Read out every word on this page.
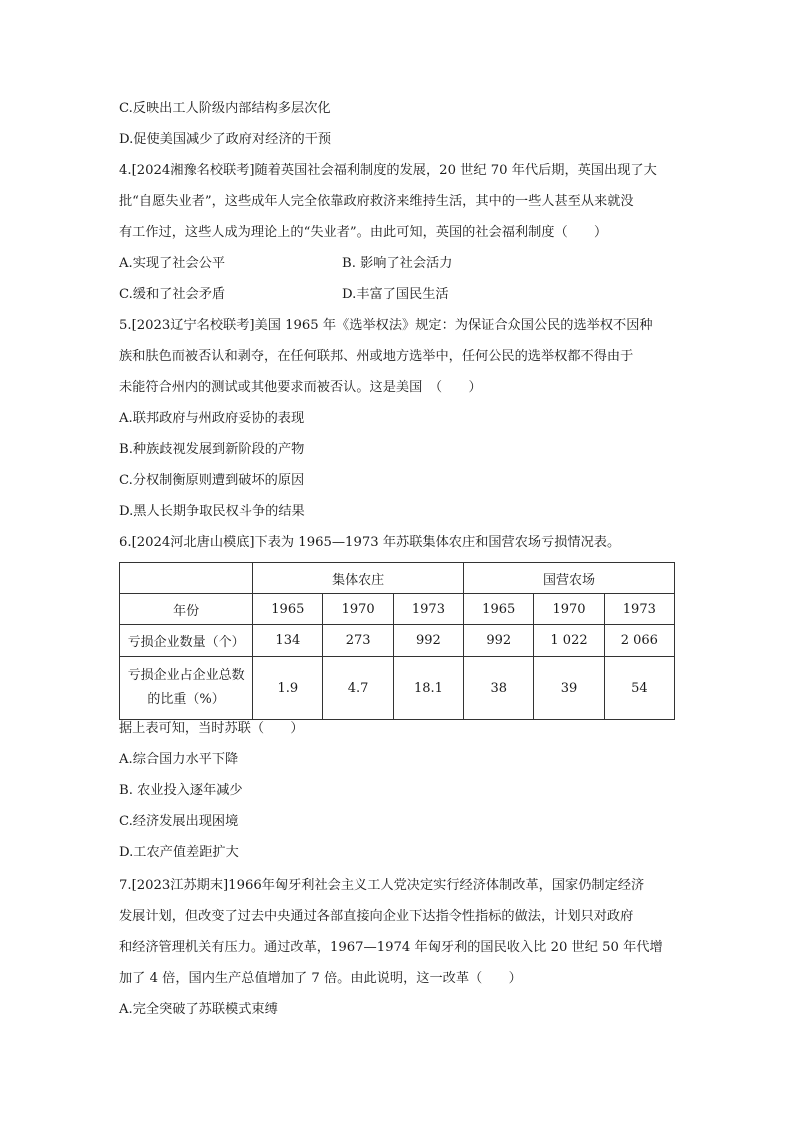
C.反映出工人阶级内部结构多层次化
D.促使美国减少了政府对经济的干预
4.[2024湘豫名校联考]随着英国社会福利制度的发展，20 世纪 70 年代后期，英国出现了大
批“自愿失业者”，这些成年人完全依靠政府救济来维持生活，其中的一些人甚至从来就没
有工作过，这些人成为理论上的“失业者”。由此可知，英国的社会福利制度（　　）
A.实现了社会公平	B. 影响了社会活力
C.缓和了社会矛盾	D.丰富了国民生活
5.[2023辽宁名校联考]美国 1965 年《选举权法》规定：为保证合众国公民的选举权不因种
族和肤色而被否认和剥夺，在任何联邦、州或地方选举中，任何公民的选举权都不得由于
未能符合州内的测试或其他要求而被否认。这是美国　（　　）
A.联邦政府与州政府妥协的表现
B.种族歧视发展到新阶段的产物
C.分权制衡原则遭到破坏的原因
D.黑人长期争取民权斗争的结果
6.[2024河北唐山模底]下表为 1965—1973 年苏联集体农庄和国营农场亏损情况表。
	集体农庄			国营农场		
年份	1965	1970	1973	1965	1970	1973
亏损企业数量（个）	134	273	992	992	1 022	2 066

亏损企业占企业总数
的比重（%）	1.9	4.7	18.1	38	39	54
据上表可知，当时苏联（　　）
A.综合国力水平下降
B. 农业投入逐年减少
C.经济发展出现困境
D.工农产值差距扩大
7.[2023江苏期末]1966年匈牙利社会主义工人党决定实行经济体制改革，国家仍制定经济
发展计划，但改变了过去中央通过各部直接向企业下达指令性指标的做法，计划只对政府
和经济管理机关有压力。通过改革，1967—1974 年匈牙利的国民收入比 20 世纪 50 年代增
加了 4 倍，国内生产总值增加了 7 倍。由此说明，这一改革（　　）
A.完全突破了苏联模式束缚
